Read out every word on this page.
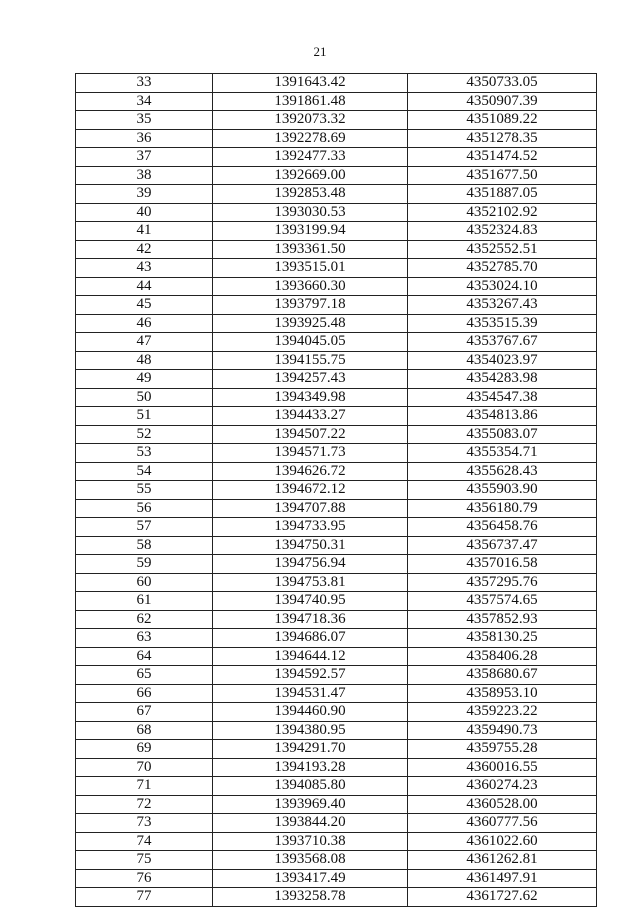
21
33	1391643.42	4350733.05
34	1391861.48	4350907.39
35	1392073.32	4351089.22
36	1392278.69	4351278.35
37	1392477.33	4351474.52
38	1392669.00	4351677.50
39	1392853.48	4351887.05
40	1393030.53	4352102.92
41	1393199.94	4352324.83
42	1393361.50	4352552.51
43	1393515.01	4352785.70
44	1393660.30	4353024.10
45	1393797.18	4353267.43
46	1393925.48	4353515.39
47	1394045.05	4353767.67
48	1394155.75	4354023.97
49	1394257.43	4354283.98
50	1394349.98	4354547.38
51	1394433.27	4354813.86
52	1394507.22	4355083.07
53	1394571.73	4355354.71
54	1394626.72	4355628.43
55	1394672.12	4355903.90
56	1394707.88	4356180.79
57	1394733.95	4356458.76
58	1394750.31	4356737.47
59	1394756.94	4357016.58
60	1394753.81	4357295.76
61	1394740.95	4357574.65
62	1394718.36	4357852.93
63	1394686.07	4358130.25
64	1394644.12	4358406.28
65	1394592.57	4358680.67
66	1394531.47	4358953.10
67	1394460.90	4359223.22
68	1394380.95	4359490.73
69	1394291.70	4359755.28
70	1394193.28	4360016.55
71	1394085.80	4360274.23
72	1393969.40	4360528.00
73	1393844.20	4360777.56
74	1393710.38	4361022.60
75	1393568.08	4361262.81
76	1393417.49	4361497.91
77	1393258.78	4361727.62
